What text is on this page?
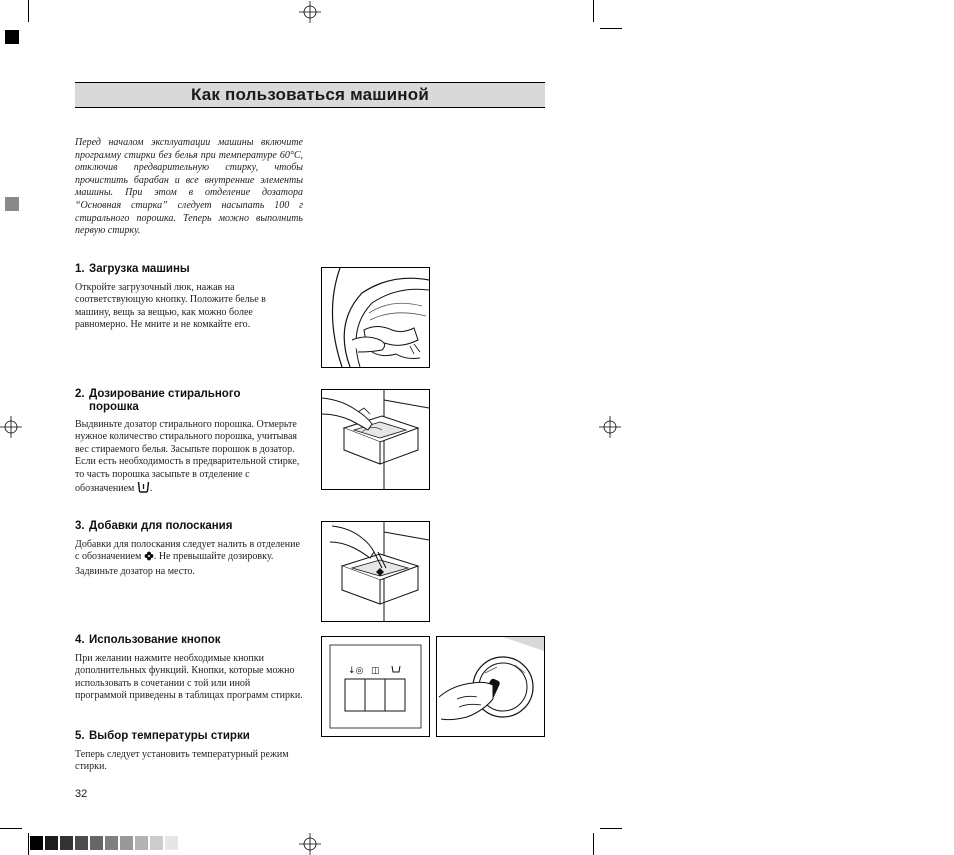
Как пользоваться машиной

Перед началом эксплуатации машины включите программу стирки без белья при температуре 60°C, отключив предварительную стирку, чтобы прочистить барабан и все внутренние элементы машины. При этом в отделение дозатора “Основная стирка” следует насыпать 100 г стирального порошка. Теперь можно выполнить первую стирку.

1. Загрузка машины

Откройте загрузочный люк, нажав на соответствующую кнопку. Положите белье в машину, вещь за вещью, как можно более равномерно. Не мните и не комкайте его.

2. Дозирование стирального
порошка

Выдвиньте дозатор стирального порошка. Отмерьте нужное количество стирального порошка, учитывая вес стираемого белья. Засыпьте порошок в дозатор. Если есть необходимость в предварительной стирке, то часть порошка засыпьте в отделение с обозначением .

3. Добавки для полоскания

Добавки для полоскания следует налить в отделение с обозначением . Не превышайте дозировку. Задвиньте дозатор на место.

4. Использование кнопок

При желании нажмите необходимые кнопки дополнительных функций. Кнопки, которые можно использовать в сочетании с той или иной программой приведены в таблицах программ стирки.

5. Выбор температуры стирки

Теперь следует установить температурный режим стирки.

↓◎ ◫
32
